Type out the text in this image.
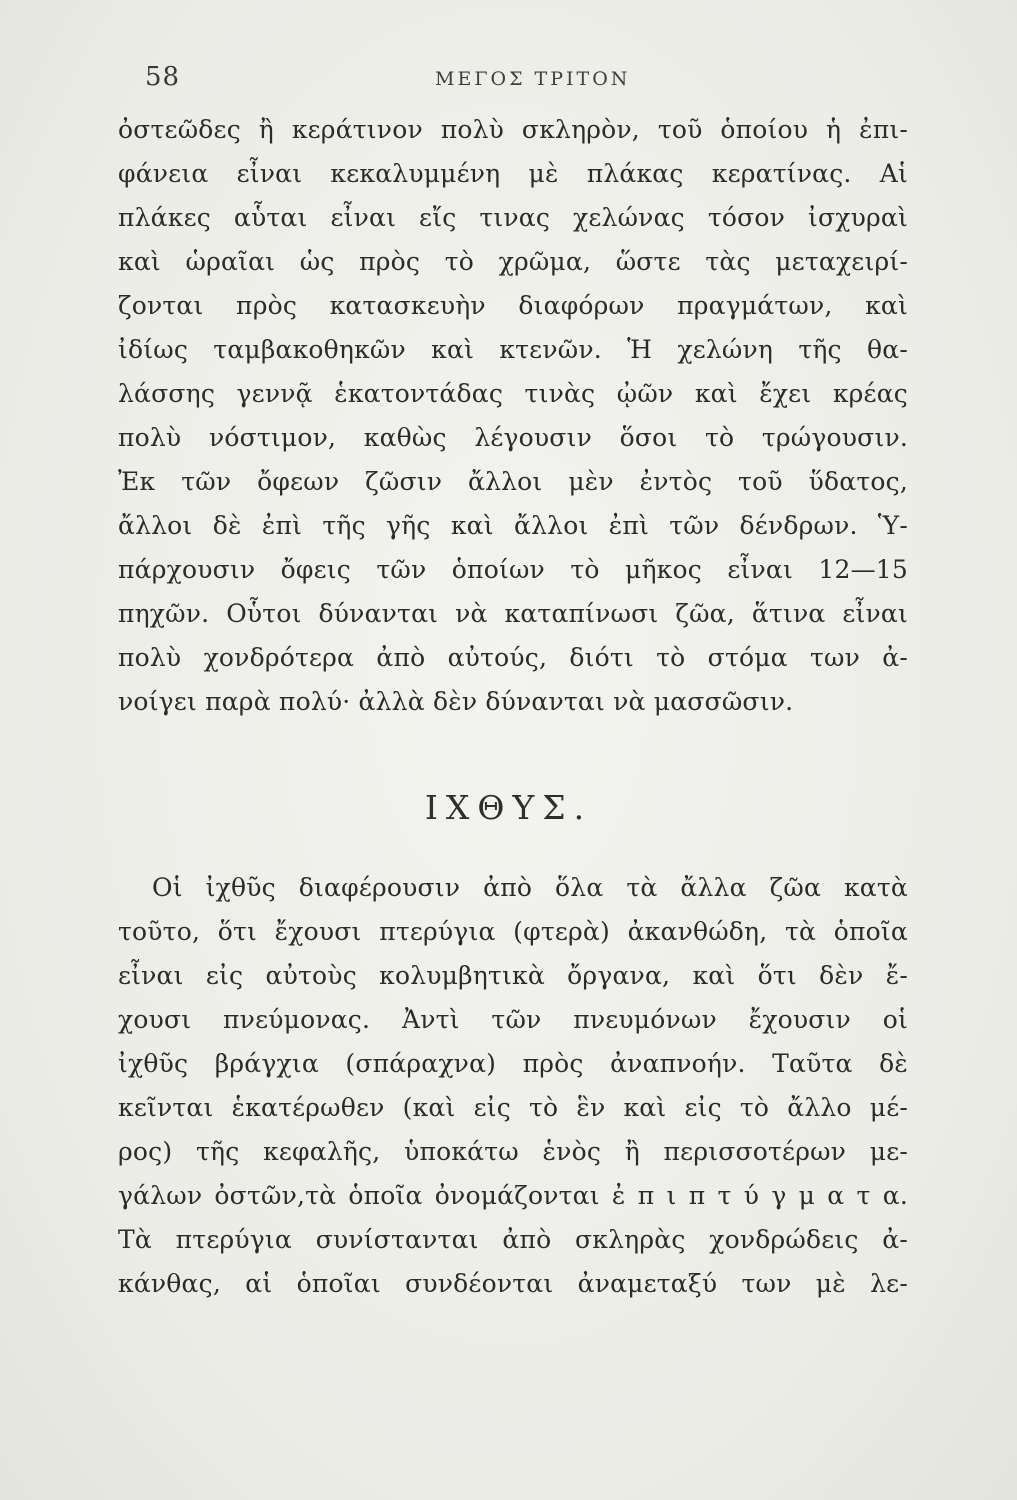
58	ΜΕΓΟΣ ΤΡΙΤΟΝ
ὀστεῶδες ἢ κεράτινον πολὺ σκληρὸν, τοῦ ὁποίου ἡ ἐπι-
φάνεια εἶναι κεκαλυμμένη μὲ πλάκας κερατίνας. Αἱ
πλάκες αὗται εἶναι εἴς τινας χελώνας τόσον ἰσχυραὶ
καὶ ὡραῖαι ὡς πρὸς τὸ χρῶμα, ὥστε τὰς μεταχειρί-
ζονται πρὸς κατασκευὴν διαφόρων πραγμάτων, καὶ
ἰδίως ταμβακοθηκῶν καὶ κτενῶν. Ἡ χελώνη τῆς θα-
λάσσης γεννᾷ ἑκατοντάδας τινὰς ᾠῶν καὶ ἔχει κρέας
πολὺ νόστιμον, καθὼς λέγουσιν ὅσοι τὸ τρώγουσιν.
Ἐκ τῶν ὄφεων ζῶσιν ἄλλοι μὲν ἐντὸς τοῦ ὕδατος,
ἄλλοι δὲ ἐπὶ τῆς γῆς καὶ ἄλλοι ἐπὶ τῶν δένδρων. Ὑ-
πάρχουσιν ὄφεις τῶν ὁποίων τὸ μῆκος εἶναι 12—15
πηχῶν. Οὗτοι δύνανται νὰ καταπίνωσι ζῶα, ἅτινα εἶναι
πολὺ χονδρότερα ἀπὸ αὐτούς, διότι τὸ στόμα των ἀ-
νοίγει παρὰ πολύ· ἀλλὰ δὲν δύνανται νὰ μασσῶσιν.
ΙΧΘΥΣ.
Οἱ ἰχθῦς διαφέρουσιν ἀπὸ ὅλα τὰ ἄλλα ζῶα κατὰ
τοῦτο, ὅτι ἔχουσι πτερύγια (φτερὰ) ἀκανθώδη, τὰ ὁποῖα
εἶναι εἰς αὐτοὺς κολυμβητικὰ ὄργανα, καὶ ὅτι δὲν ἔ-
χουσι πνεύμονας. Ἀντὶ τῶν πνευμόνων ἔχουσιν οἱ
ἰχθῦς βράγχια (σπάραχνα) πρὸς ἀναπνοήν. Ταῦτα δὲ
κεῖνται ἑκατέρωθεν (καὶ εἰς τὸ ἓν καὶ εἰς τὸ ἄλλο μέ-
ρος) τῆς κεφαλῆς, ὑποκάτω ἑνὸς ἢ περισσοτέρων με-
γάλων ὀστῶν,τὰ ὁποῖα ὀνομάζονται ἐ π ι π τ ύ γ μ α τ α.
Τὰ πτερύγια συνίστανται ἀπὸ σκληρὰς χονδρώδεις ἀ-
κάνθας, αἱ ὁποῖαι συνδέονται ἀναμεταξύ των μὲ λε-
